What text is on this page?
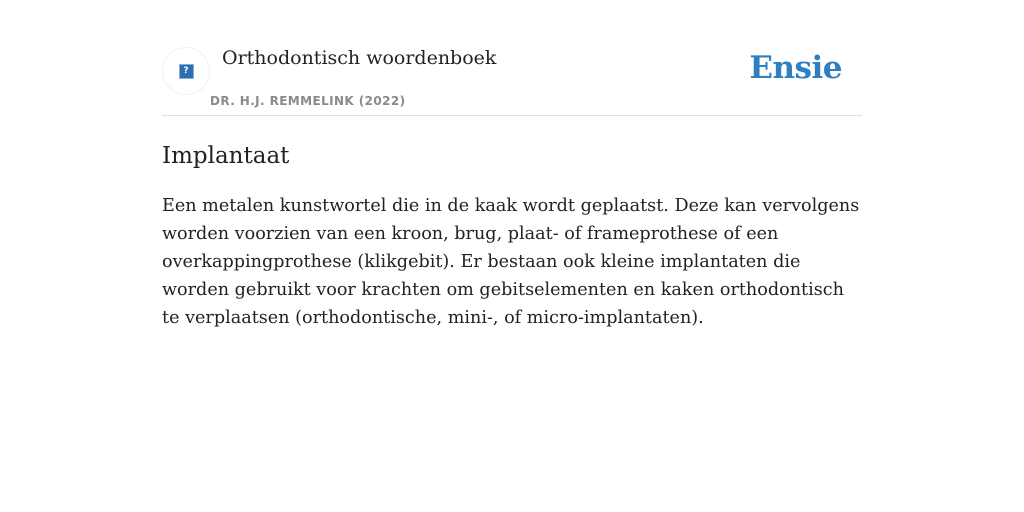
?
Orthodontisch woordenboek
DR. H.J. REMMELINK (2022)
Ensie
Implantaat

Een metalen kunstwortel die in de kaak wordt geplaatst. Deze kan vervolgens worden voorzien van een kroon, brug, plaat- of frameprothese of een overkappingprothese (klikgebit). Er bestaan ook kleine implantaten die worden gebruikt voor krachten om gebitselementen en kaken orthodontisch te verplaatsen (orthodontische, mini-, of micro-implantaten).
